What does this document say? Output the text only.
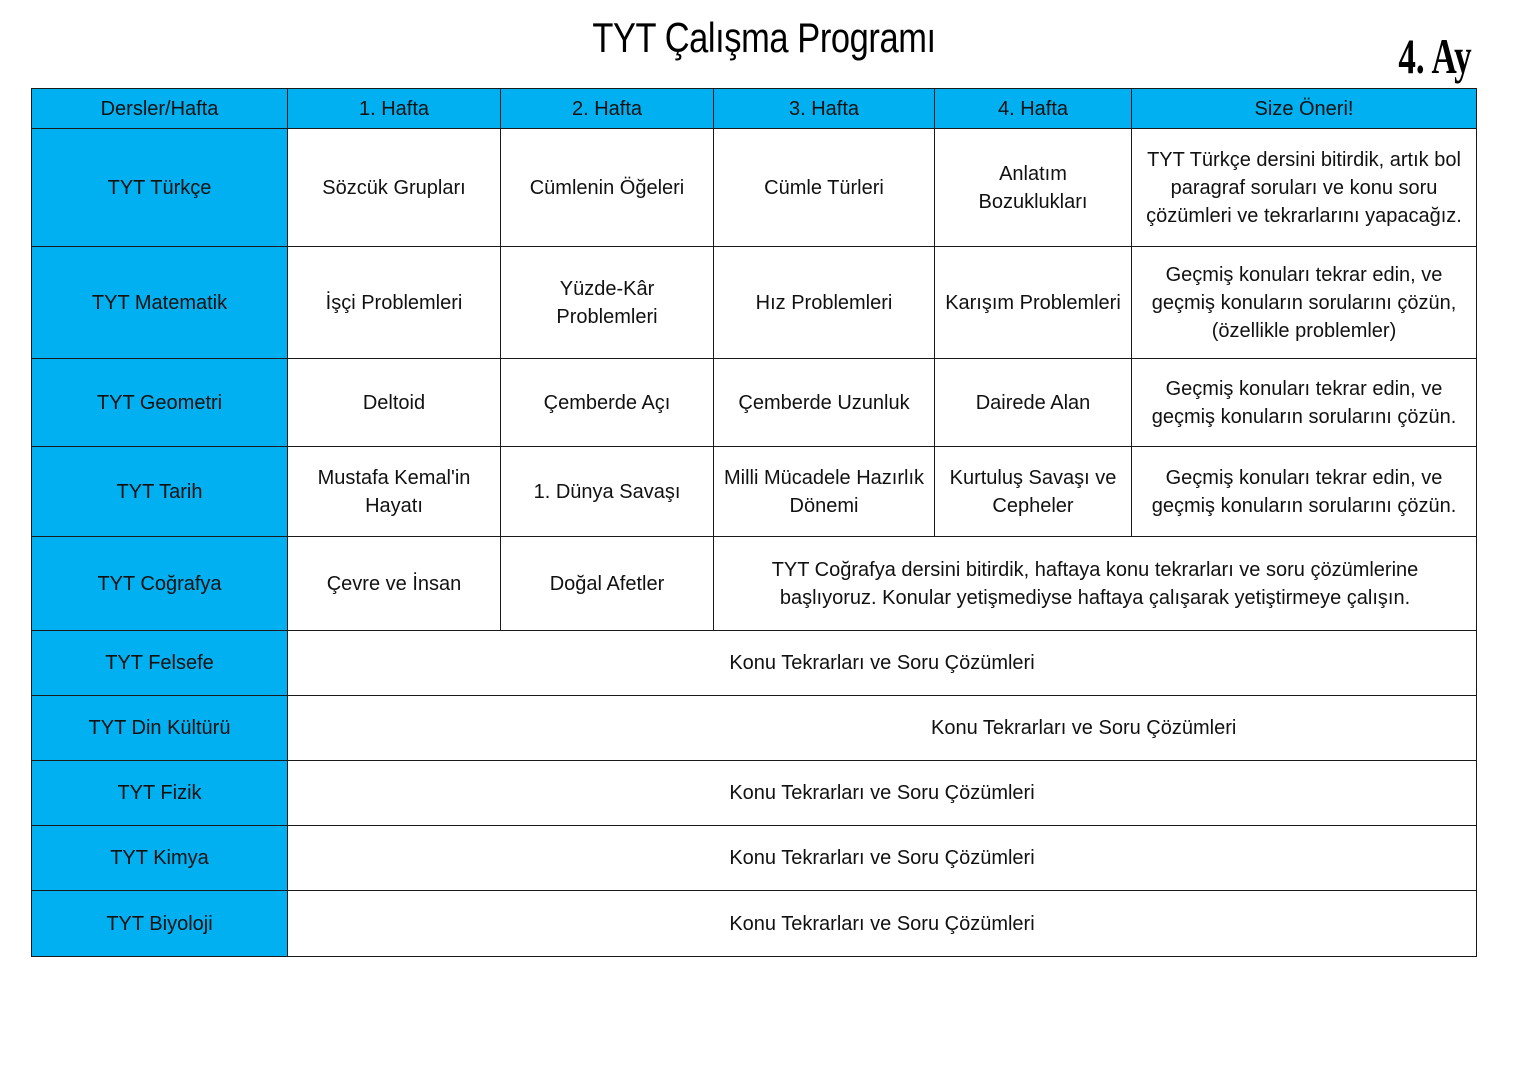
TYT Çalışma Programı	4. Ay
Dersler/Hafta	1. Hafta	2. Hafta	3. Hafta	4. Hafta	Size Öneri!
TYT Türkçe	Sözcük Grupları	Cümlenin Öğeleri	Cümle Türleri	Anlatım Bozuklukları	TYT Türkçe dersini bitirdik, artık bol paragraf soruları ve konu soru çözümleri ve tekrarlarını yapacağız.
TYT Matematik	İşçi Problemleri	Yüzde-Kâr Problemleri	Hız Problemleri	Karışım Problemleri	Geçmiş konuları tekrar edin, ve geçmiş konuların sorularını çözün, (özellikle problemler)
TYT Geometri	Deltoid	Çemberde Açı	Çemberde Uzunluk	Dairede Alan	Geçmiş konuları tekrar edin, ve geçmiş konuların sorularını çözün.
TYT Tarih	Mustafa Kemal'in Hayatı	1. Dünya Savaşı	Milli Mücadele Hazırlık Dönemi	Kurtuluş Savaşı ve Cepheler	Geçmiş konuları tekrar edin, ve geçmiş konuların sorularını çözün.
TYT Coğrafya	Çevre ve İnsan	Doğal Afetler	TYT Coğrafya dersini bitirdik, haftaya konu tekrarları ve soru çözümlerine başlıyoruz. Konular yetişmediyse haftaya çalışarak yetiştirmeye çalışın.		
TYT Felsefe	Konu Tekrarları ve Soru Çözümleri				
TYT Din Kültürü	Konu Tekrarları ve Soru Çözümleri				
TYT Fizik	Konu Tekrarları ve Soru Çözümleri				
TYT Kimya	Konu Tekrarları ve Soru Çözümleri				
TYT Biyoloji	Konu Tekrarları ve Soru Çözümleri				
